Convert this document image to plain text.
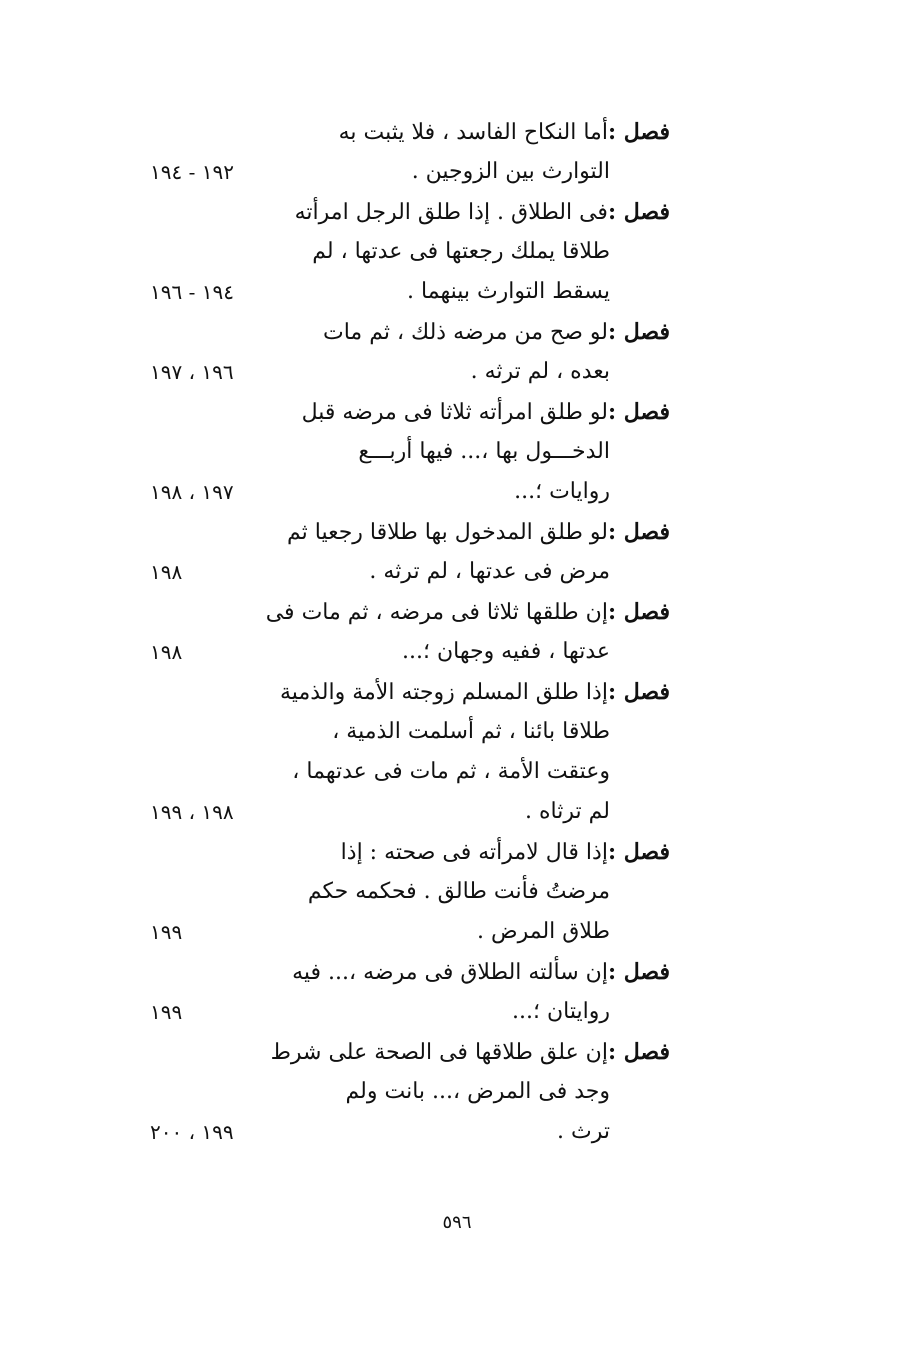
١٩٢ - ١٩٤
فصل :أما النكاح الفاسد ، فلا يثبت به
التوارث بين الزوجين .
١٩٤ - ١٩٦
فصل :فى الطلاق . إذا طلق الرجل امرأته
طلاقا يملك رجعتها فى عدتها ، لم
يسقط التوارث بينهما .
١٩٦ ، ١٩٧
فصل :لو صح من مرضه ذلك ، ثم مات
بعده ، لم ترثه .
١٩٧ ، ١٩٨
فصل :لو طلق امرأته ثلاثا فى مرضه قبل
الدخـــول بها ،... فيها أربـــع
روايات ؛...
١٩٨
فصل :لو طلق المدخول بها طلاقا رجعيا ثم
مرض فى عدتها ، لم ترثه .
١٩٨
فصل :إن طلقها ثلاثا فى مرضه ، ثم مات فى
عدتها ، ففيه وجهان ؛...
١٩٨ ، ١٩٩
فصل :إذا طلق المسلم زوجته الأمة والذمية
طلاقا بائنا ، ثم أسلمت الذمية ،
وعتقت الأمة ، ثم مات فى عدتهما ،
لم ترثاه .
١٩٩
فصل :إذا قال لامرأته فى صحته : إذا
مرضتُ فأنت طالق . فحكمه حكم
طلاق المرض .
١٩٩
فصل :إن سألته الطلاق فى مرضه ،... فيه
روايتان ؛...
١٩٩ ، ٢٠٠
فصل :إن علق طلاقها فى الصحة على شرط
وجد فى المرض ،... بانت ولم
ترث .
٥٩٦
